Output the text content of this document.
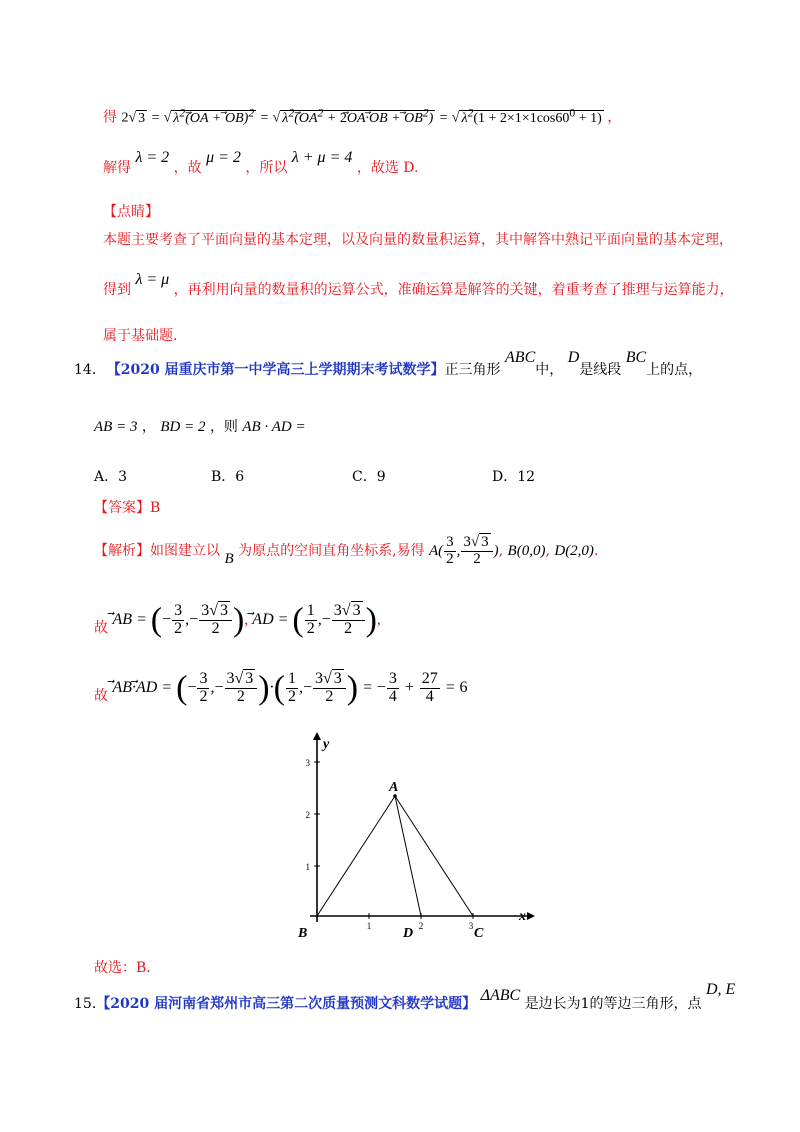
得 2√ 3 = √ $\lambda^2(⃗$ OA + ⃗ OB)$^2$ = √ $\lambda^2(⃗$ $OA^2$ + 2⃗ OA·⃗ OB + ⃗ $OB^2$) = √ $\lambda^2(1 + 2\times 1\times 1\cos 60^0 + 1)$ ，
解得 λ = 2 ，故 μ = 2 ，所以 λ + μ = 4 ，故选 D.
【点睛】
本题主要考查了平面向量的基本定理，以及向量的数量积运算，其中解答中熟记平面向量的基本定理，
得到 λ = μ ，再利用向量的数量积的运算公式，准确运算是解答的关键，着重考查了推理与运算能力，
属于基础题.
14. 【2020 届重庆市第一中学高三上学期期末考试数学】正三角形 ABC中， D是线段 BC上的点，
AB = 3 ， BD = 2 ，则 AB · AD =
A．3	B．6	C．9	D．12
【答案】B
【解析】如图建立以 B 为原点的空间直角坐标系,易得 $A( \frac{3}{2}$ , $\frac{3√ 3}{2}$ ), B(0,0), D(2,0).
故 ⃗ AB = (− $\frac{3}{2}$ ,− $\frac{3√ 3}{2}$ ), ⃗ AD = ( $\frac{1}{2}$ ,− $\frac{3√ 3}{2}$ ),
故 ⃗ AB·⃗ AD = (− $\frac{3}{2}$ ,− $\frac{3√ 3}{2}$ )·( $\frac{1}{2}$ ,− $\frac{3√ 3}{2}$ ) = − $\frac{3}{4} + \frac{27}{4} = 6$
x
y
1
2
3
1	2	3
A
B	D	C
故选：B.
15.【2020 届河南省郑州市高三第二次质量预测文科数学试题】 ΔABC 是边长为1的等边三角形，点 D, E
